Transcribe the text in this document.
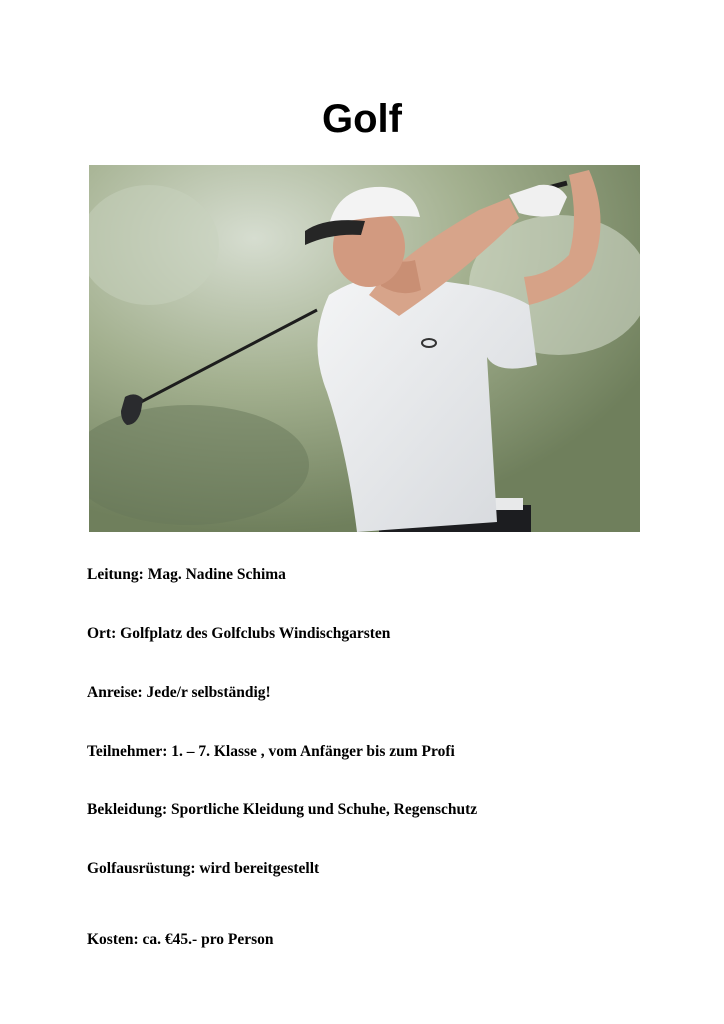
Golf
Leitung: Mag. Nadine Schima
Ort: Golfplatz des Golfclubs Windischgarsten
Anreise: Jede/r selbständig!
Teilnehmer: 1. – 7. Klasse , vom Anfänger bis zum Profi
Bekleidung: Sportliche Kleidung und Schuhe, Regenschutz
Golfausrüstung: wird bereitgestellt
Kosten: ca. €45.- pro Person
